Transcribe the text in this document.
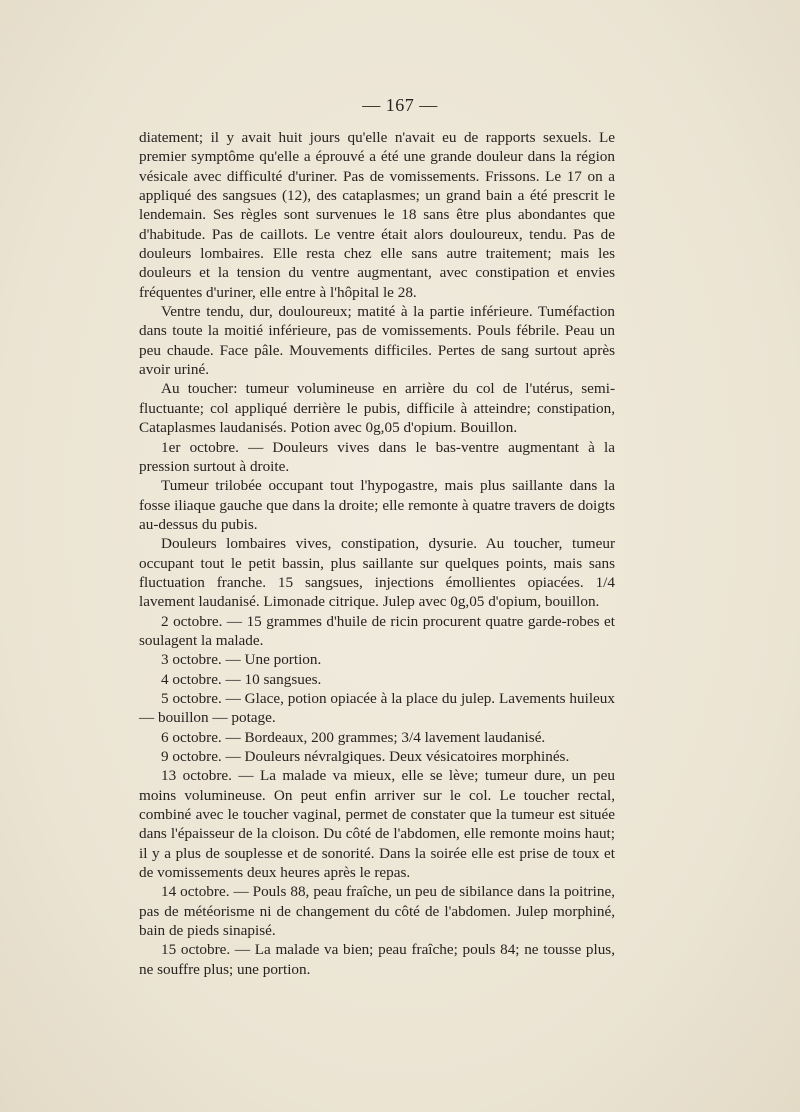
— 167 —

diatement; il y avait huit jours qu'elle n'avait eu de rapports sexuels. Le premier symptôme qu'elle a éprouvé a été une grande douleur dans la région vésicale avec difficulté d'uriner. Pas de vomissements. Frissons. Le 17 on a appliqué des sangsues (12), des cataplasmes; un grand bain a été prescrit le lendemain. Ses règles sont survenues le 18 sans être plus abondantes que d'habitude. Pas de caillots. Le ventre était alors douloureux, tendu. Pas de douleurs lombaires. Elle resta chez elle sans autre traitement; mais les douleurs et la tension du ventre augmentant, avec constipation et envies fréquentes d'uriner, elle entre à l'hôpital le 28.

Ventre tendu, dur, douloureux; matité à la partie inférieure. Tuméfaction dans toute la moitié inférieure, pas de vomissements. Pouls fébrile. Peau un peu chaude. Face pâle. Mouvements difficiles. Pertes de sang surtout après avoir uriné.

Au toucher: tumeur volumineuse en arrière du col de l'utérus, semi-fluctuante; col appliqué derrière le pubis, difficile à atteindre; constipation, Cataplasmes laudanisés. Potion avec 0g,05 d'opium. Bouillon.

1er octobre. — Douleurs vives dans le bas-ventre augmentant à la pression surtout à droite.

Tumeur trilobée occupant tout l'hypogastre, mais plus saillante dans la fosse iliaque gauche que dans la droite; elle remonte à quatre travers de doigts au-dessus du pubis.

Douleurs lombaires vives, constipation, dysurie. Au toucher, tumeur occupant tout le petit bassin, plus saillante sur quelques points, mais sans fluctuation franche. 15 sangsues, injections émollientes opiacées. 1/4 lavement laudanisé. Limonade citrique. Julep avec 0g,05 d'opium, bouillon.

2 octobre. — 15 grammes d'huile de ricin procurent quatre garde-robes et soulagent la malade.

3 octobre. — Une portion.

4 octobre. — 10 sangsues.

5 octobre. — Glace, potion opiacée à la place du julep. Lavements huileux — bouillon — potage.

6 octobre. — Bordeaux, 200 grammes; 3/4 lavement laudanisé.

9 octobre. — Douleurs névralgiques. Deux vésicatoires morphinés.

13 octobre. — La malade va mieux, elle se lève; tumeur dure, un peu moins volumineuse. On peut enfin arriver sur le col. Le toucher rectal, combiné avec le toucher vaginal, permet de constater que la tumeur est située dans l'épaisseur de la cloison. Du côté de l'abdomen, elle remonte moins haut; il y a plus de souplesse et de sonorité. Dans la soirée elle est prise de toux et de vomissements deux heures après le repas.

14 octobre. — Pouls 88, peau fraîche, un peu de sibilance dans la poitrine, pas de météorisme ni de changement du côté de l'abdomen. Julep morphiné, bain de pieds sinapisé.

15 octobre. — La malade va bien; peau fraîche; pouls 84; ne tousse plus, ne souffre plus; une portion.
